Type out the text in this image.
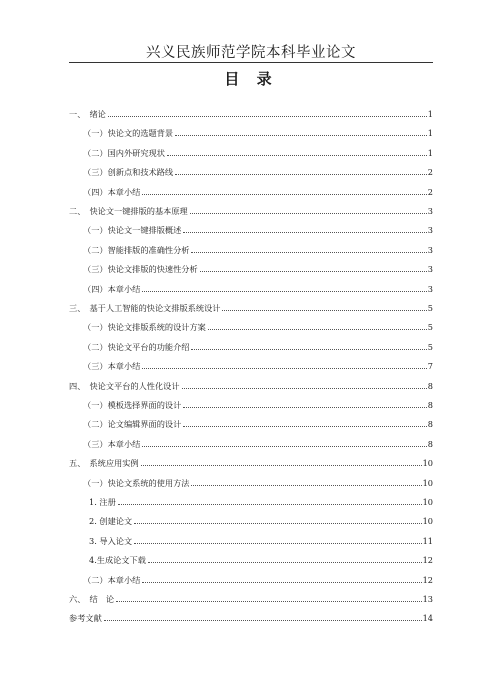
兴义民族师范学院本科毕业论文
目 录
一、　绪论	1
（一）快论文的选题背景	1
（二）国内外研究现状	1
（三）创新点和技术路线	2
（四）本章小结	2
二、　快论文一键排版的基本原理	3
（一）快论文一键排版概述	3
（二）智能排版的准确性分析	3
（三）快论文排版的快速性分析	3
（四）本章小结	3
三、　基于人工智能的快论文排版系统设计	5
（一）快论文排版系统的设计方案	5
（二）快论文平台的功能介绍	5
（三）本章小结	7
四、　快论文平台的人性化设计	8
（一）模板选择界面的设计	8
（二）论文编辑界面的设计	8
（三）本章小结	8
五、　系统应用实例	10
（一）快论文系统的使用方法	10
1. 注册	10
2. 创建论文	10
3. 导入论文	11
4.生成论文下载	12
（二）本章小结	12
六、　结　论	13
参考文献	14
